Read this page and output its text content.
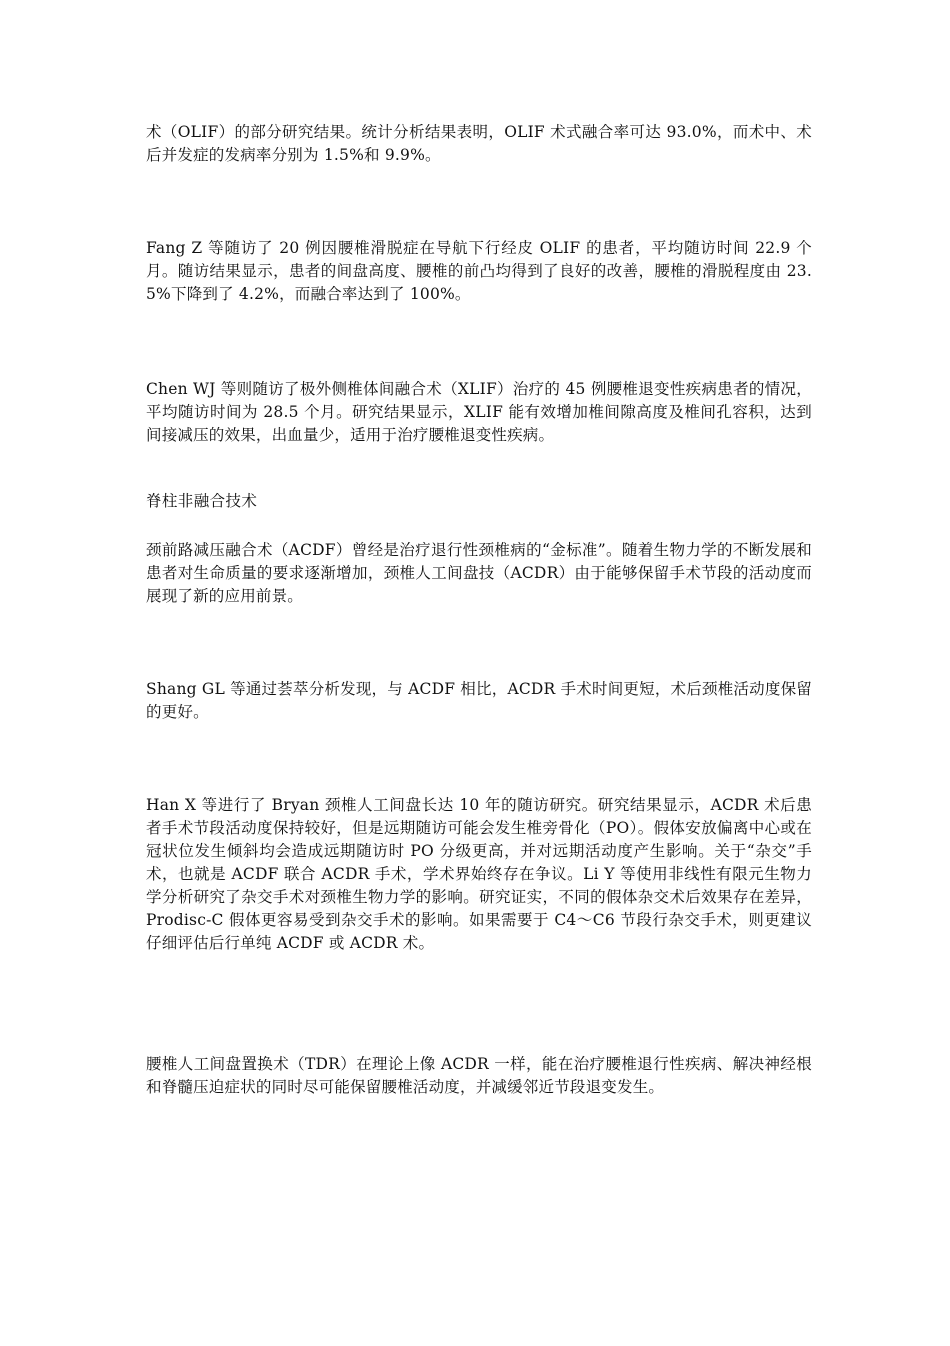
术（OLIF）的部分研究结果。统计分析结果表明，OLIF 术式融合率可达 93.0%，而术中、术后并发症的发病率分别为 1.5%和 9.9%。

Fang Z 等随访了 20 例因腰椎滑脱症在导航下行经皮 OLIF 的患者，平均随访时间 22.9 个月。随访结果显示，患者的间盘高度、腰椎的前凸均得到了良好的改善，腰椎的滑脱程度由 23.5%下降到了 4.2%，而融合率达到了 100%。

Chen WJ 等则随访了极外侧椎体间融合术（XLIF）治疗的 45 例腰椎退变性疾病患者的情况，平均随访时间为 28.5 个月。研究结果显示，XLIF 能有效增加椎间隙高度及椎间孔容积，达到间接减压的效果，出血量少，适用于治疗腰椎退变性疾病。

脊柱非融合技术

颈前路减压融合术（ACDF）曾经是治疗退行性颈椎病的“金标准”。随着生物力学的不断发展和患者对生命质量的要求逐渐增加，颈椎人工间盘技（ACDR）由于能够保留手术节段的活动度而展现了新的应用前景。

Shang GL 等通过荟萃分析发现，与 ACDF 相比，ACDR 手术时间更短，术后颈椎活动度保留的更好。

Han X 等进行了 Bryan 颈椎人工间盘长达 10 年的随访研究。研究结果显示，ACDR 术后患者手术节段活动度保持较好，但是远期随访可能会发生椎旁骨化（PO）。假体安放偏离中心或在冠状位发生倾斜均会造成远期随访时 PO 分级更高，并对远期活动度产生影响。关于“杂交”手术，也就是 ACDF 联合 ACDR 手术，学术界始终存在争议。Li Y 等使用非线性有限元生物力学分析研究了杂交手术对颈椎生物力学的影响。研究证实，不同的假体杂交术后效果存在差异，Prodisc-C 假体更容易受到杂交手术的影响。如果需要于 C4～C6 节段行杂交手术，则更建议仔细评估后行单纯 ACDF 或 ACDR 术。

腰椎人工间盘置换术（TDR）在理论上像 ACDR 一样，能在治疗腰椎退行性疾病、解决神经根和脊髓压迫症状的同时尽可能保留腰椎活动度，并减缓邻近节段退变发生。
